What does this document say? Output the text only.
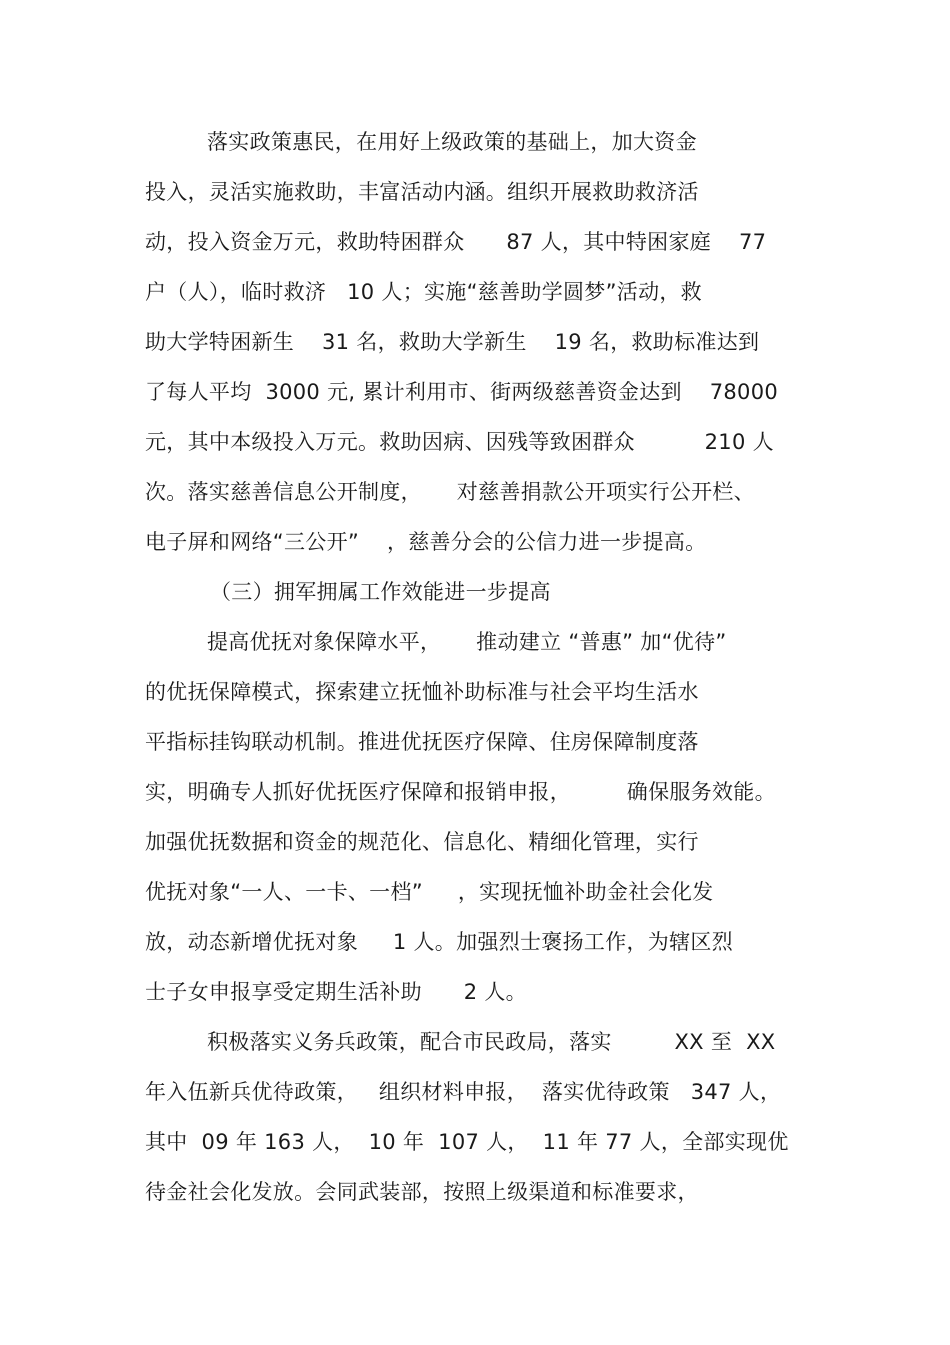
落实政策惠民，在用好上级政策的基础上，加大资金
投入，灵活实施救助，丰富活动内涵。组织开展救助救济活
动，投入资金万元，救助特困群众      87 人，其中特困家庭    77
户（人），临时救济   10 人；实施“慈善助学圆梦”活动，救
助大学特困新生    31 名，救助大学新生    19 名，救助标准达到
了每人平均  3000 元, 累计利用市、街两级慈善资金达到    78000
元，其中本级投入万元。救助因病、因残等致困群众          210 人
次。落实慈善信息公开制度，     对慈善捐款公开项实行公开栏、
电子屏和网络“三公开”    ，慈善分会的公信力进一步提高。
（三）拥军拥属工作效能进一步提高
提高优抚对象保障水平，     推动建立 “普惠” 加“优待”
的优抚保障模式，探索建立抚恤补助标准与社会平均生活水
平指标挂钩联动机制。推进优抚医疗保障、住房保障制度落
实，明确专人抓好优抚医疗保障和报销申报，        确保服务效能。
加强优抚数据和资金的规范化、信息化、精细化管理，实行
优抚对象“一人、一卡、一档”     ，实现抚恤补助金社会化发
放，动态新增优抚对象     1 人。加强烈士褒扬工作，为辖区烈
士子女申报享受定期生活补助      2 人。
积极落实义务兵政策，配合市民政局，落实         XX 至  XX
年入伍新兵优待政策，   组织材料申报，  落实优待政策   347 人，
其中  09 年 163 人，  10 年  107 人，  11 年 77 人，全部实现优
待金社会化发放。会同武装部，按照上级渠道和标准要求，
